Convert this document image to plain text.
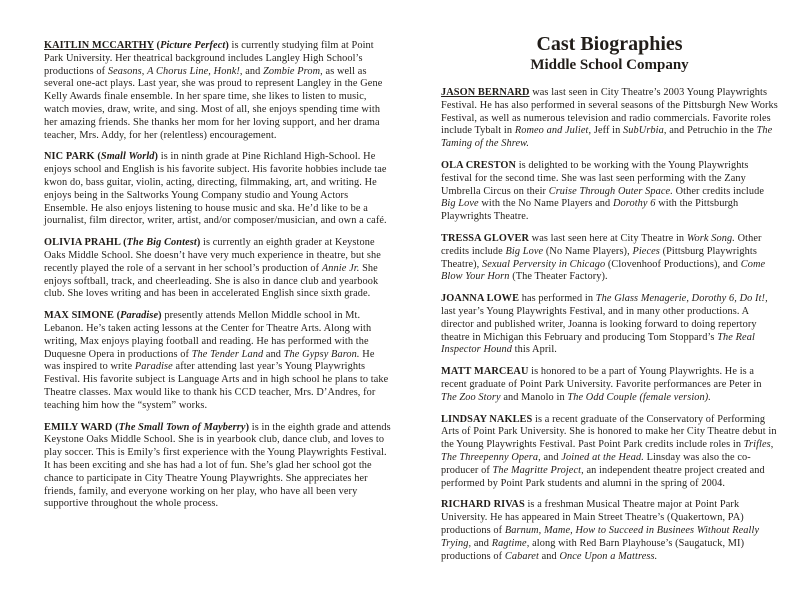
KAITLIN MCCARTHY (Picture Perfect) is currently studying film at Point Park University. Her theatrical background includes Langley High School’s productions of Seasons, A Chorus Line, Honk!, and Zombie Prom, as well as several one-act plays. Last year, she was proud to represent Langley in the Gene Kelly Awards finale ensemble. In her spare time, she likes to listen to music, watch movies, draw, write, and sing. Most of all, she enjoys spending time with her amazing friends. She thanks her mom for her loving support, and her drama teacher, Mrs. Addy, for her (relentless) encouragement.

NIC PARK (Small World) is in ninth grade at Pine Richland High-School. He enjoys school and English is his favorite subject. His favorite hobbies include tae kwon do, bass guitar, violin, acting, directing, filmmaking, art, and writing. He enjoys being in the Saltworks Young Company studio and Young Actors Ensemble. He also enjoys listening to house music and ska. He’d like to be a journalist, film director, writer, artist, and/or composer/musician, and own a café.

OLIVIA PRAHL (The Big Contest) is currently an eighth grader at Keystone Oaks Middle School. She doesn’t have very much experience in theatre, but she recently played the role of a servant in her school’s production of Annie Jr. She enjoys softball, track, and cheerleading. She is also in dance club and yearbook club. She loves writing and has been in accelerated English since sixth grade.

MAX SIMONE (Paradise) presently attends Mellon Middle school in Mt. Lebanon. He’s taken acting lessons at the Center for Theatre Arts. Along with writing, Max enjoys playing football and reading. He has performed with the Duquesne Opera in productions of The Tender Land and The Gypsy Baron. He was inspired to write Paradise after attending last year’s Young Playwrights Festival. His favorite subject is Language Arts and in high school he plans to take Theatre classes. Max would like to thank his CCD teacher, Mrs. D’Andres, for teaching him how the “system” works.

EMILY WARD (The Small Town of Mayberry) is in the eighth grade and attends Keystone Oaks Middle School. She is in yearbook club, dance club, and loves to play soccer. This is Emily’s first experience with the Young Playwrights Festival. It has been exciting and she has had a lot of fun. She’s glad her school got the chance to participate in City Theatre Young Playwrights. She appreciates her friends, family, and everyone working on her play, who have all been very supportive throughout the whole process.

Cast Biographies
Middle School Company

JASON BERNARD was last seen in City Theatre’s 2003 Young Playwrights Festival. He has also performed in several seasons of the Pittsburgh New Works Festival, as well as numerous television and radio commercials. Favorite roles include Tybalt in Romeo and Juliet, Jeff in SubUrbia, and Petruchio in the The Taming of the Shrew.

OLA CRESTON is delighted to be working with the Young Playwrights festival for the second time. She was last seen performing with the Zany Umbrella Circus on their Cruise Through Outer Space. Other credits include Big Love with the No Name Players and Dorothy 6 with the Pittsburgh Playwrights Theatre.

TRESSA GLOVER was last seen here at City Theatre in Work Song. Other credits include Big Love (No Name Players), Pieces (Pittsburg Playwrights Theatre), Sexual Perversity in Chicago (Clovenhoof Productions), and Come Blow Your Horn (The Theater Factory).

JOANNA LOWE has performed in The Glass Menagerie, Dorothy 6, Do It!, last year’s Young Playwrights Festival, and in many other productions. A director and published writer, Joanna is looking forward to doing repertory theatre in Michigan this February and producing Tom Stoppard’s The Real Inspector Hound this April.

MATT MARCEAU is honored to be a part of Young Playwrights. He is a recent graduate of Point Park University. Favorite performances are Peter in The Zoo Story and Manolo in The Odd Couple (female version).

LINDSAY NAKLES is a recent graduate of the Conservatory of Performing Arts of Point Park University. She is honored to make her City Theatre debut in the Young Playwrights Festival. Past Point Park credits include roles in Trifles, The Threepenny Opera, and Joined at the Head. Linsday was also the co-producer of The Magritte Project, an independent theatre project created and performed by Point Park students and alumni in the spring of 2004.

RICHARD RIVAS is a freshman Musical Theatre major at Point Park University. He has appeared in Main Street Theatre’s (Quakertown, PA) productions of Barnum, Mame, How to Succeed in Businees Without Really Trying, and Ragtime, along with Red Barn Playhouse’s (Saugatuck, MI) productions of Cabaret and Once Upon a Mattress.
